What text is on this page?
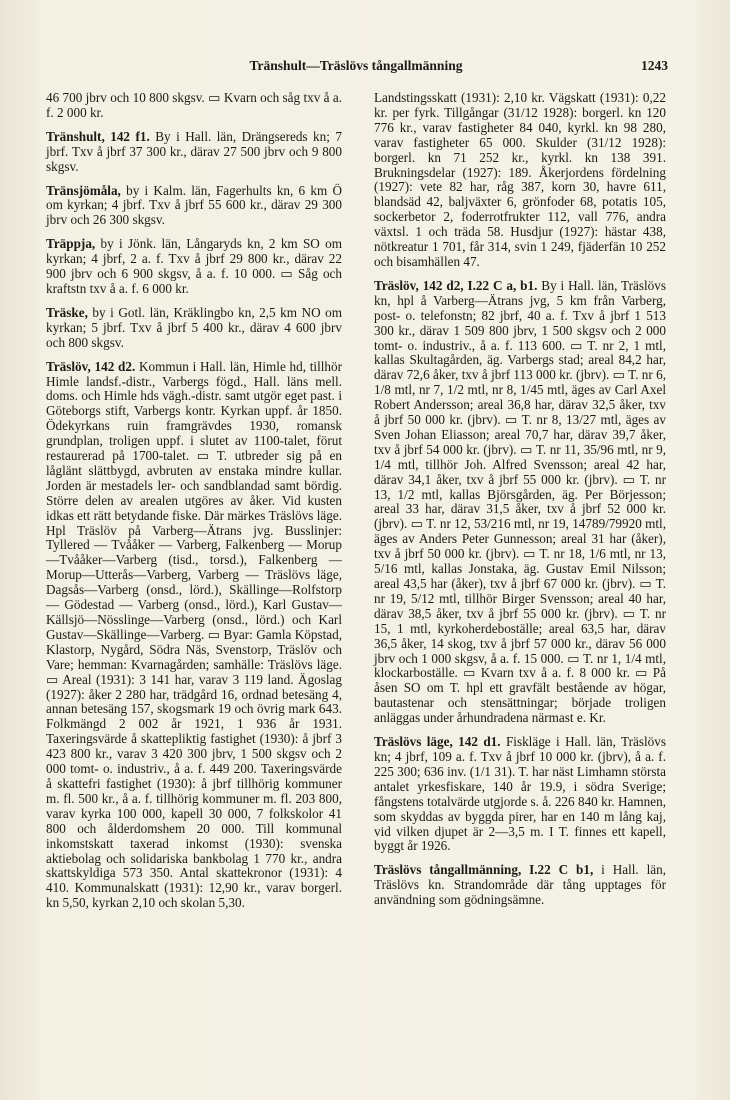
Tränshult—Träslövs tångallmänning	1243

46 700 jbrv och 10 800 skgsv. ▭ Kvarn och såg txv å a. f. 2 000 kr.

Tränshult, 142 f1. By i Hall. län, Drängsereds kn; 7 jbrf. Txv å jbrf 37 300 kr., därav 27 500 jbrv och 9 800 skgsv.

Tränsjömåla, by i Kalm. län, Fagerhults kn, 6 km Ö om kyrkan; 4 jbrf. Txv å jbrf 55 600 kr., därav 29 300 jbrv och 26 300 skgsv.

Träppja, by i Jönk. län, Långaryds kn, 2 km SO om kyrkan; 4 jbrf, 2 a. f. Txv å jbrf 29 800 kr., därav 22 900 jbrv och 6 900 skgsv, å a. f. 10 000. ▭ Såg och kraftstn txv å a. f. 6 000 kr.

Träske, by i Gotl. län, Kräklingbo kn, 2,5 km NO om kyrkan; 5 jbrf. Txv å jbrf 5 400 kr., därav 4 600 jbrv och 800 skgsv.

Träslöv, 142 d2. Kommun i Hall. län, Himle hd, tillhör Himle landsf.-distr., Varbergs fögd., Hall. läns mell. doms. och Himle hds vägh.-distr. samt utgör eget past. i Göteborgs stift, Varbergs kontr. Kyrkan uppf. år 1850. Ödekyrkans ruin framgrävdes 1930, romansk grundplan, troligen uppf. i slutet av 1100-talet, förut restaurerad på 1700-talet. ▭ T. utbreder sig på en låglänt slättbygd, avbruten av enstaka mindre kullar. Jorden är mestadels ler- och sandblandad samt bördig. Större delen av arealen utgöres av åker. Vid kusten idkas ett rätt betydande fiske. Där märkes Träslövs läge. Hpl Träslöv på Varberg—Ätrans jvg. Busslinjer: Tyllered — Tvååker — Varberg, Falkenberg — Morup—Tvååker—Varberg (tisd., torsd.), Falkenberg — Morup—Utterås—Varberg, Varberg — Träslövs läge, Dagsås—Varberg (onsd., lörd.), Skällinge—Rolfstorp — Gödestad — Varberg (onsd., lörd.), Karl Gustav—Källsjö—Nösslinge—Varberg (onsd., lörd.) och Karl Gustav—Skällinge—Varberg. ▭ Byar: Gamla Köpstad, Klastorp, Nygård, Södra Näs, Svenstorp, Träslöv och Vare; hemman: Kvarnagården; samhälle: Träslövs läge. ▭ Areal (1931): 3 141 har, varav 3 119 land. Ägoslag (1927): åker 2 280 har, trädgård 16, ordnad betesäng 4, annan betesäng 157, skogsmark 19 och övrig mark 643. Folkmängd 2 002 år 1921, 1 936 år 1931. Taxeringsvärde å skattepliktig fastighet (1930): å jbrf 3 423 800 kr., varav 3 420 300 jbrv, 1 500 skgsv och 2 000 tomt- o. industriv., å a. f. 449 200. Taxeringsvärde å skattefri fastighet (1930): å jbrf tillhörig kommuner m. fl. 500 kr., å a. f. tillhörig kommuner m. fl. 203 800, varav kyrka 100 000, kapell 30 000, 7 folkskolor 41 800 och ålderdomshem 20 000. Till kommunal inkomstskatt taxerad inkomst (1930): svenska aktiebolag och solidariska bankbolag 1 770 kr., andra skattskyldiga 573 350. Antal skattekronor (1931): 4 410. Kommunalskatt (1931): 12,90 kr., varav borgerl. kn 5,50, kyrkan 2,10 och skolan 5,30.

Landstingsskatt (1931): 2,10 kr. Vägskatt (1931): 0,22 kr. per fyrk. Tillgångar (31/12 1928): borgerl. kn 120 776 kr., varav fastigheter 84 040, kyrkl. kn 98 280, varav fastigheter 65 000. Skulder (31/12 1928): borgerl. kn 71 252 kr., kyrkl. kn 138 391. Brukningsdelar (1927): 189. Åkerjordens fördelning (1927): vete 82 har, råg 387, korn 30, havre 611, blandsäd 42, baljväxter 6, grönfoder 68, potatis 105, sockerbetor 2, foderrotfrukter 112, vall 776, andra växtsl. 1 och träda 58. Husdjur (1927): hästar 438, nötkreatur 1 701, får 314, svin 1 249, fjäderfän 10 252 och bisamhällen 47.

Träslöv, 142 d2, I.22 C a, b1. By i Hall. län, Träslövs kn, hpl å Varberg—Ätrans jvg, 5 km från Varberg, post- o. telefonstn; 82 jbrf, 40 a. f. Txv å jbrf 1 513 300 kr., därav 1 509 800 jbrv, 1 500 skgsv och 2 000 tomt- o. industriv., å a. f. 113 600. ▭ T. nr 2, 1 mtl, kallas Skultagården, äg. Varbergs stad; areal 84,2 har, därav 72,6 åker, txv å jbrf 113 000 kr. (jbrv). ▭ T. nr 6, 1/8 mtl, nr 7, 1/2 mtl, nr 8, 1/45 mtl, äges av Carl Axel Robert Andersson; areal 36,8 har, därav 32,5 åker, txv å jbrf 50 000 kr. (jbrv). ▭ T. nr 8, 13/27 mtl, äges av Sven Johan Eliasson; areal 70,7 har, därav 39,7 åker, txv å jbrf 54 000 kr. (jbrv). ▭ T. nr 11, 35/96 mtl, nr 9, 1/4 mtl, tillhör Joh. Alfred Svensson; areal 42 har, därav 34,1 åker, txv å jbrf 55 000 kr. (jbrv). ▭ T. nr 13, 1/2 mtl, kallas Björsgården, äg. Per Börjesson; areal 33 har, därav 31,5 åker, txv å jbrf 52 000 kr. (jbrv). ▭ T. nr 12, 53/216 mtl, nr 19, 14789/79920 mtl, äges av Anders Peter Gunnesson; areal 31 har (åker), txv å jbrf 50 000 kr. (jbrv). ▭ T. nr 18, 1/6 mtl, nr 13, 5/16 mtl, kallas Jonstaka, äg. Gustav Emil Nilsson; areal 43,5 har (åker), txv å jbrf 67 000 kr. (jbrv). ▭ T. nr 19, 5/12 mtl, tillhör Birger Svensson; areal 40 har, därav 38,5 åker, txv å jbrf 55 000 kr. (jbrv). ▭ T. nr 15, 1 mtl, kyrkoherdeboställe; areal 63,5 har, därav 36,5 åker, 14 skog, txv å jbrf 57 000 kr., därav 56 000 jbrv och 1 000 skgsv, å a. f. 15 000. ▭ T. nr 1, 1/4 mtl, klockarboställe. ▭ Kvarn txv å a. f. 8 000 kr. ▭ På åsen SO om T. hpl ett gravfält bestående av högar, bautastenar och stensättningar; började troligen anläggas under århundradena närmast e. Kr.

Träslövs läge, 142 d1. Fiskläge i Hall. län, Träslövs kn; 4 jbrf, 109 a. f. Txv å jbrf 10 000 kr. (jbrv), å a. f. 225 300; 636 inv. (1/1 31). T. har näst Limhamn största antalet yrkesfiskare, 140 år 19.9, i södra Sverige; fångstens totalvärde utgjorde s. å. 226 840 kr. Hamnen, som skyddas av byggda pirer, har en 140 m lång kaj, vid vilken djupet är 2—3,5 m. I T. finnes ett kapell, byggt år 1926.

Träslövs tångallmänning, I.22 C b1, i Hall. län, Träslövs kn. Strandområde där tång upptages för användning som gödningsämne.
